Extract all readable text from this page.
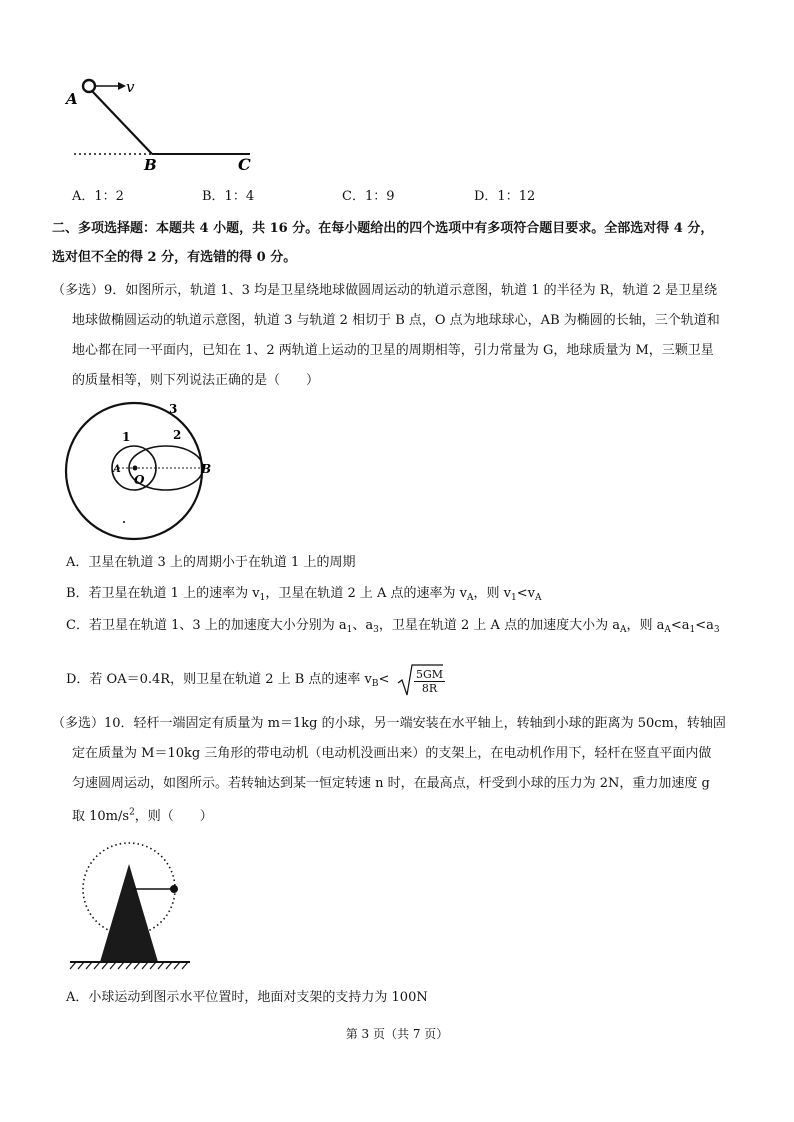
v
A
B	C
A．1：2	B．1：4	C．1：9	D．1：12
二、多项选择题：本题共 4 小题，共 16 分。在每小题给出的四个选项中有多项符合题目要求。全部选对得 4 分，
选对但不全的得 2 分，有选错的得 0 分。
（多选）9．如图所示，轨道 1、3 均是卫星绕地球做圆周运动的轨道示意图，轨道 1 的半径为 R，轨道 2 是卫星绕
地球做椭圆运动的轨道示意图，轨道 3 与轨道 2 相切于 B 点，O 点为地球球心，AB 为椭圆的长轴，三个轨道和
地心都在同一平面内，已知在 1、2 两轨道上运动的卫星的周期相等，引力常量为 G，地球质量为 M，三颗卫星
的质量相等，则下列说法正确的是（　　）
1	2
3
A
O
B
A．卫星在轨道 3 上的周期小于在轨道 1 上的周期
B．若卫星在轨道 1 上的速率为 $v_1$，卫星在轨道 2 上 A 点的速率为 $v_A$，则 $v_1<v_A$
C．若卫星在轨道 1、3 上的加速度大小分别为 $a_1$、$a_3$，卫星在轨道 2 上 A 点的加速度大小为 $a_A$，则 $a_A<a_1<a_3$
D．若 OA＝0.4R，则卫星在轨道 2 上 B 点的速率 $v_B< \frac{5GM}{8R}$
（多选）10．轻杆一端固定有质量为 m＝1kg 的小球，另一端安装在水平轴上，转轴到小球的距离为 50cm，转轴固
定在质量为 M＝10kg 三角形的带电动机（电动机没画出来）的支架上，在电动机作用下，轻杆在竖直平面内做
匀速圆周运动，如图所示。若转轴达到某一恒定转速 n 时，在最高点，杆受到小球的压力为 2N，重力加速度 g
取 $10m/s^2$，则（　　）
A．小球运动到图示水平位置时，地面对支架的支持力为 100N
第 3 页（共 7 页）
